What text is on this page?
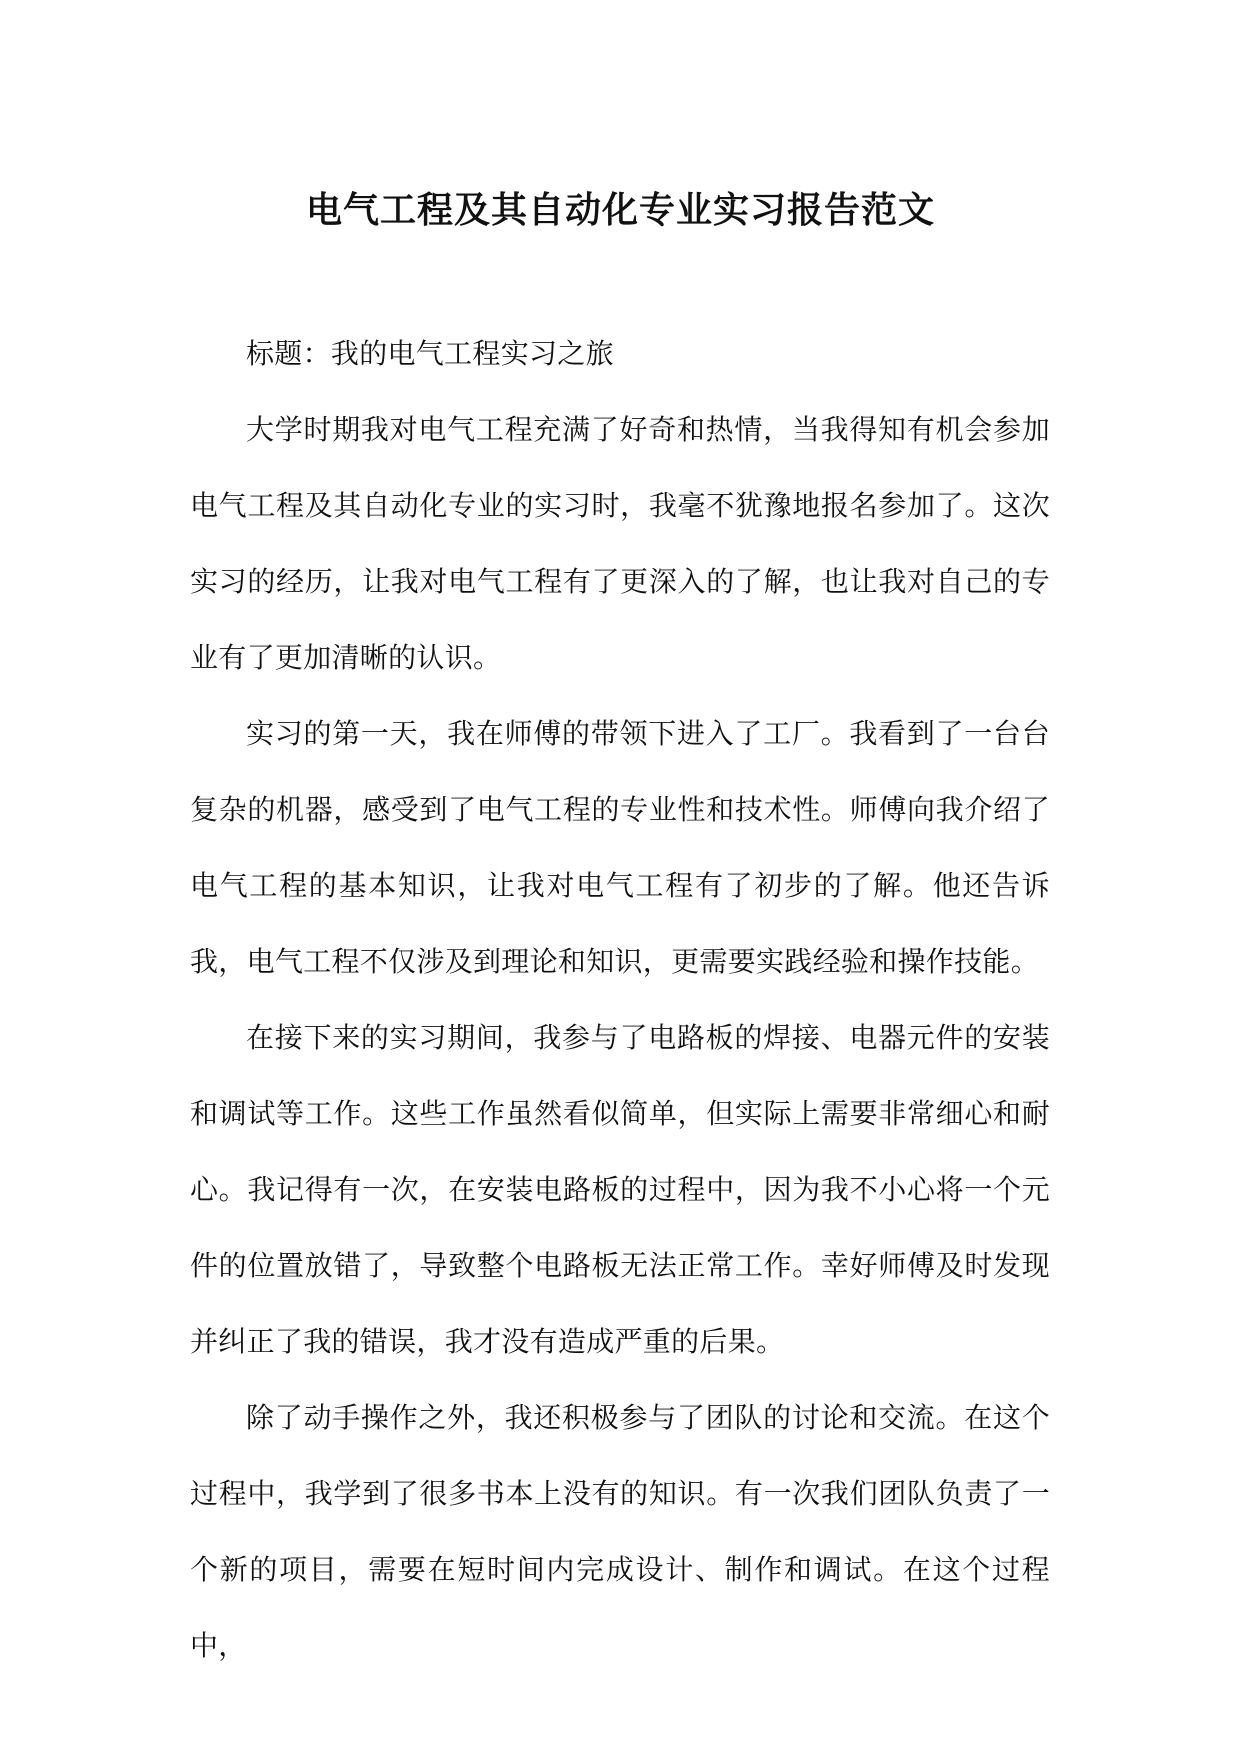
电气工程及其自动化专业实习报告范文

标题：我的电气工程实习之旅

大学时期我对电气工程充满了好奇和热情，当我得知有机会参加电气工程及其自动化专业的实习时，我毫不犹豫地报名参加了。这次实习的经历，让我对电气工程有了更深入的了解，也让我对自己的专业有了更加清晰的认识。

实习的第一天，我在师傅的带领下进入了工厂。我看到了一台台复杂的机器，感受到了电气工程的专业性和技术性。师傅向我介绍了电气工程的基本知识，让我对电气工程有了初步的了解。他还告诉我，电气工程不仅涉及到理论和知识，更需要实践经验和操作技能。

在接下来的实习期间，我参与了电路板的焊接、电器元件的安装和调试等工作。这些工作虽然看似简单，但实际上需要非常细心和耐心。我记得有一次，在安装电路板的过程中，因为我不小心将一个元件的位置放错了，导致整个电路板无法正常工作。幸好师傅及时发现并纠正了我的错误，我才没有造成严重的后果。

除了动手操作之外，我还积极参与了团队的讨论和交流。在这个过程中，我学到了很多书本上没有的知识。有一次我们团队负责了一个新的项目，需要在短时间内完成设计、制作和调试。在这个过程中，
